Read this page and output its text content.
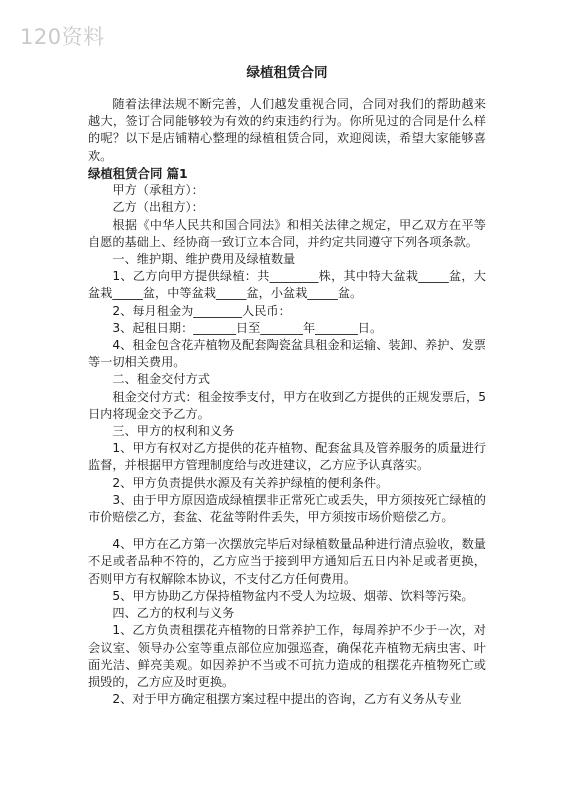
120资料
绿植租赁合同

随着法律法规不断完善，人们越发重视合同，合同对我们的帮助越来越大，签订合同能够较为有效的约束违约行为。你所见过的合同是什么样的呢？以下是店铺精心整理的绿植租赁合同，欢迎阅读，希望大家能够喜欢。

绿植租赁合同 篇1

甲方（承租方）：

乙方（出租方）：

根据《中华人民共和国合同法》和相关法律之规定，甲乙双方在平等自愿的基础上、经协商一致订立本合同，并约定共同遵守下列各项条款。

一、维护期、维护费用及绿植数量

1、乙方向甲方提供绿植：共________株，其中特大盆栽_____盆，大盆栽_____盆，中等盆栽_____盆，小盆栽_____盆。

2、每月租金为________人民币：

3、起租日期：_______日至_______年_______日。

4、租金包含花卉植物及配套陶瓷盆具租金和运输、装卸、养护、发票等一切相关费用。

二、租金交付方式

租金交付方式：租金按季支付，甲方在收到乙方提供的正规发票后，5日内将现金交予乙方。

三、甲方的权利和义务

1、甲方有权对乙方提供的花卉植物、配套盆具及管养服务的质量进行监督，并根据甲方管理制度给与改进建议，乙方应予认真落实。

2、甲方负责提供水源及有关养护绿植的便利条件。

3、由于甲方原因造成绿植摆非正常死亡或丢失，甲方须按死亡绿植的市价赔偿乙方，套盆、花盆等附件丢失，甲方须按市场价赔偿乙方。

4、甲方在乙方第一次摆放完毕后对绿植数量品种进行清点验收，数量不足或者品种不符的，乙方应当于接到甲方通知后五日内补足或者更换，否则甲方有权解除本协议，不支付乙方任何费用。

5、甲方协助乙方保持植物盆内不受人为垃圾、烟蒂、饮料等污染。

四、乙方的权利与义务

1、乙方负责租摆花卉植物的日常养护工作，每周养护不少于一次，对会议室、领导办公室等重点部位应加强巡查，确保花卉植物无病虫害、叶面光洁、鲜亮美观。如因养护不当或不可抗力造成的租摆花卉植物死亡或损毁的，乙方应及时更换。

2、对于甲方确定租摆方案过程中提出的咨询，乙方有义务从专业
